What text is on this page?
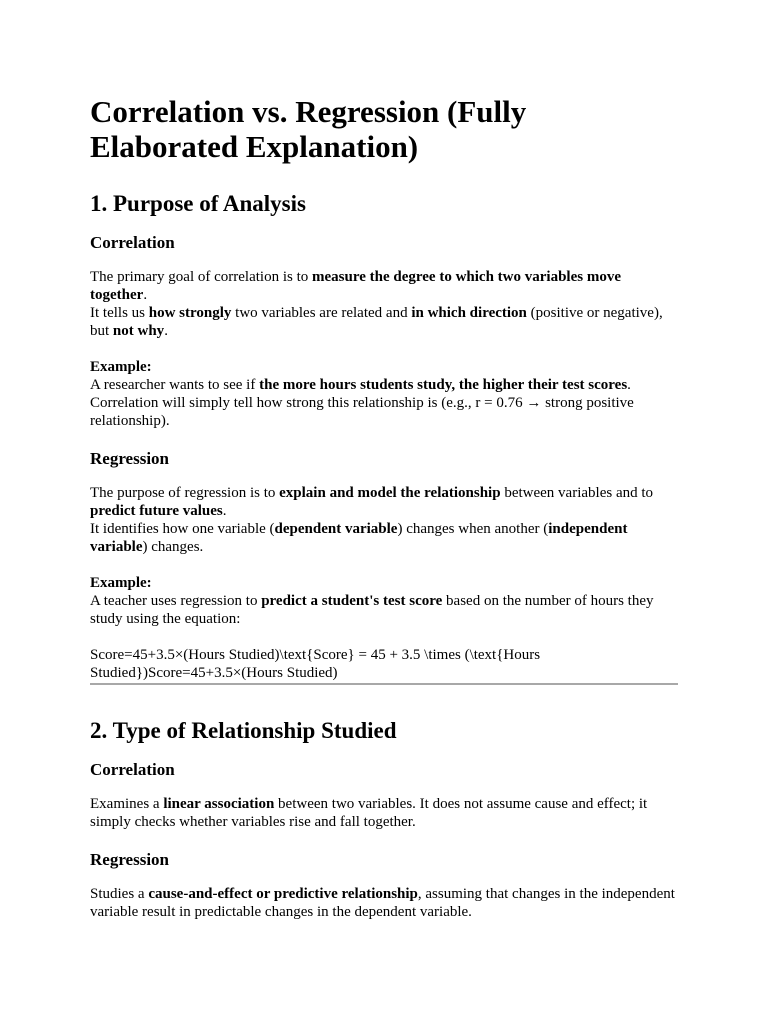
Correlation vs. Regression (Fully Elaborated Explanation)
1. Purpose of Analysis
Correlation

The primary goal of correlation is to measure the degree to which two variables move together.
It tells us how strongly two variables are related and in which direction (positive or negative), but not why.

Example:
A researcher wants to see if the more hours students study, the higher their test scores.
Correlation will simply tell how strong this relationship is (e.g., r = 0.76 → strong positive relationship).

Regression

The purpose of regression is to explain and model the relationship between variables and to predict future values.
It identifies how one variable (dependent variable) changes when another (independent variable) changes.

Example:
A teacher uses regression to predict a student's test score based on the number of hours they study using the equation:

Score=45+3.5×(Hours Studied)\text{Score} = 45 + 3.5 \times (\text{Hours Studied})Score=45+3.5×(Hours Studied)

2. Type of Relationship Studied
Correlation

Examines a linear association between two variables. It does not assume cause and effect; it simply checks whether variables rise and fall together.

Regression

Studies a cause-and-effect or predictive relationship, assuming that changes in the independent variable result in predictable changes in the dependent variable.
